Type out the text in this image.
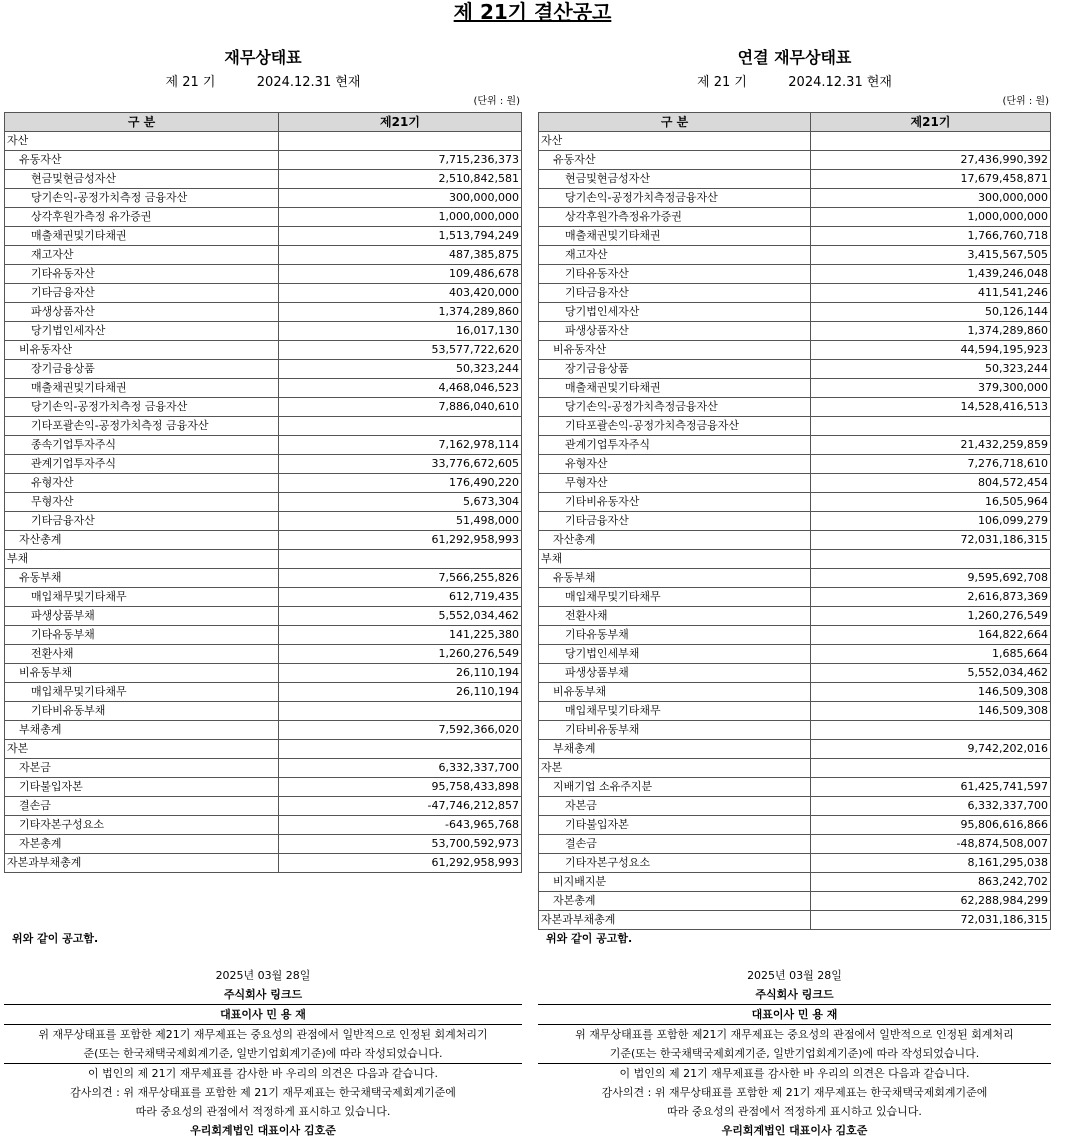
제 21기 결산공고
재무상태표
제 21 기	2024.12.31 현재
(단위 : 원)
구 분	제21기
자산	
유동자산	7,715,236,373
현금및현금성자산	2,510,842,581
당기손익-공정가치측정 금융자산	300,000,000
상각후원가측정 유가증권	1,000,000,000
매출채권및기타채권	1,513,794,249
재고자산	487,385,875
기타유동자산	109,486,678
기타금융자산	403,420,000
파생상품자산	1,374,289,860
당기법인세자산	16,017,130
비유동자산	53,577,722,620
장기금융상품	50,323,244
매출채권및기타채권	4,468,046,523
당기손익-공정가치측정 금융자산	7,886,040,610
기타포괄손익-공정가치측정 금융자산	
종속기업투자주식	7,162,978,114
관계기업투자주식	33,776,672,605
유형자산	176,490,220
무형자산	5,673,304
기타금융자산	51,498,000
자산총계	61,292,958,993
부채	
유동부채	7,566,255,826
매입채무및기타채무	612,719,435
파생상품부채	5,552,034,462
기타유동부채	141,225,380
전환사채	1,260,276,549
비유동부채	26,110,194
매입채무및기타채무	26,110,194
기타비유동부채	
부채총계	7,592,366,020
자본	
자본금	6,332,337,700
기타불입자본	95,758,433,898
결손금	-47,746,212,857
기타자본구성요소	-643,965,768
자본총계	53,700,592,973
자본과부채총계	61,292,958,993
위와 같이 공고함.
2025년 03월 28일
주식회사 링크드
대표이사 민 용 재
위 재무상태표를 포함한 제21기 재무제표는 중요성의 관점에서 일반적으로 인정된 회계처리기
준(또는 한국채택국제회계기준, 일반기업회계기준)에 따라 작성되었습니다.
이 법인의 제 21기 재무제표를 감사한 바 우리의 의견은 다음과 같습니다.
감사의견 : 위 재무상태표를 포함한 제 21기 재무제표는 한국채택국제회계기준에
따라 중요성의 관점에서 적정하게 표시하고 있습니다.
우리회계법인 대표이사 김호준
연결 재무상태표
제 21 기	2024.12.31 현재
(단위 : 원)
구 분	제21기
자산	
유동자산	27,436,990,392
현금및현금성자산	17,679,458,871
당기손익-공정가치측정금융자산	300,000,000
상각후원가측정유가증권	1,000,000,000
매출채권및기타채권	1,766,760,718
재고자산	3,415,567,505
기타유동자산	1,439,246,048
기타금융자산	411,541,246
당기법인세자산	50,126,144
파생상품자산	1,374,289,860
비유동자산	44,594,195,923
장기금융상품	50,323,244
매출채권및기타채권	379,300,000
당기손익-공정가치측정금융자산	14,528,416,513
기타포괄손익-공정가치측정금융자산	
관계기업투자주식	21,432,259,859
유형자산	7,276,718,610
무형자산	804,572,454
기타비유동자산	16,505,964
기타금융자산	106,099,279
자산총계	72,031,186,315
부채	
유동부채	9,595,692,708
매입채무및기타채무	2,616,873,369
전환사채	1,260,276,549
기타유동부채	164,822,664
당기법인세부채	1,685,664
파생상품부채	5,552,034,462
비유동부채	146,509,308
매입채무및기타채무	146,509,308
기타비유동부채	
부채총계	9,742,202,016
자본	
지배기업 소유주지분	61,425,741,597
자본금	6,332,337,700
기타불입자본	95,806,616,866
결손금	-48,874,508,007
기타자본구성요소	8,161,295,038
비지배지분	863,242,702
자본총계	62,288,984,299
자본과부채총계	72,031,186,315
위와 같이 공고함.
2025년 03월 28일
주식회사 링크드
대표이사 민 용 재
위 재무상태표를 포함한 제21기 재무제표는 중요성의 관점에서 일반적으로 인정된 회계처리
기준(또는 한국채택국제회계기준, 일반기업회계기준)에 따라 작성되었습니다.
이 법인의 제 21기 재무제표를 감사한 바 우리의 의견은 다음과 같습니다.
감사의견 : 위 재무상태표를 포함한 제 21기 재무제표는 한국채택국제회계기준에
따라 중요성의 관점에서 적정하게 표시하고 있습니다.
우리회계법인 대표이사 김호준
